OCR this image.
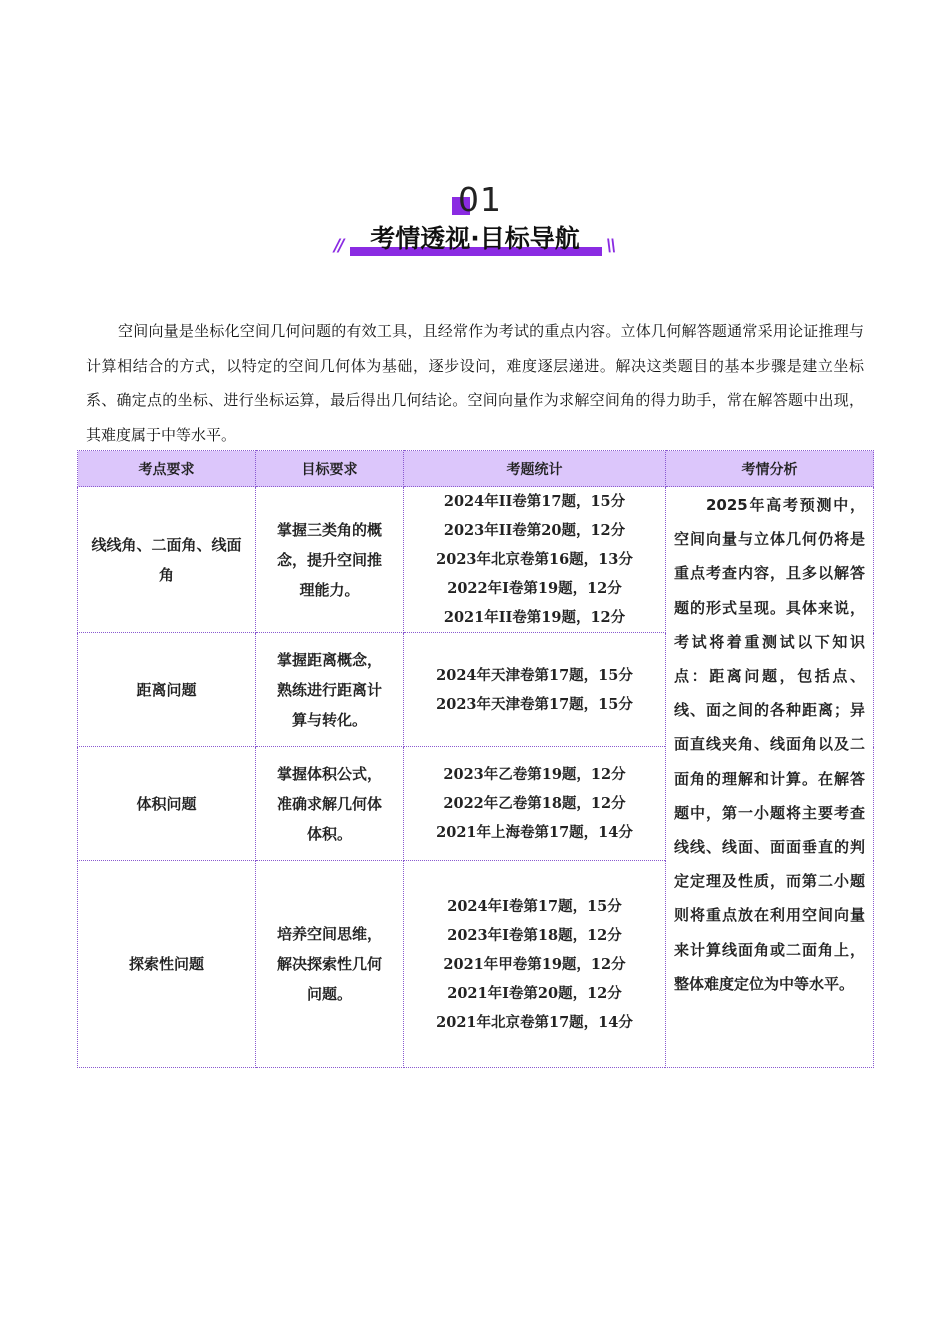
01
//	考情透视·目标导航	\\

空间向量是坐标化空间几何问题的有效工具，且经常作为考试的重点内容。立体几何解答题通常采用论证推理与计算相结合的方式，以特定的空间几何体为基础，逐步设问，难度逐层递进。解决这类题目的基本步骤是建立坐标系、确定点的坐标、进行坐标运算，最后得出几何结论。空间向量作为求解空间角的得力助手，常在解答题中出现，其难度属于中等水平。

考点要求	目标要求	考题统计	考情分析
线线角、二面角、线面角	掌握三类角的概念，提升空间推理能力。	2024年II卷第17题，15分
2023年II卷第20题，12分
2023年北京卷第16题，13分
2022年I卷第19题，12分
2021年II卷第19题，12分	2025年高考预测中，空间向量与立体几何仍将是重点考查内容，且多以解答题的形式呈现。具体来说，考试将着重测试以下知识点：距离问题，包括点、线、面之间的各种距离；异面直线夹角、线面角以及二面角的理解和计算。在解答题中，第一小题将主要考查线线、线面、面面垂直的判定定理及性质，而第二小题则将重点放在利用空间向量来计算线面角或二面角上，整体难度定位为中等水平。

距离问题	掌握距离概念，熟练进行距离计算与转化。	2024年天津卷第17题，15分
2023年天津卷第17题，15分	

体积问题	掌握体积公式，准确求解几何体体积。	2023年乙卷第19题，12分
2022年乙卷第18题，12分
2021年上海卷第17题，14分	

探索性问题	培养空间思维，解决探索性几何问题。	2024年I卷第17题，15分
2023年I卷第18题，12分
2021年甲卷第19题，12分
2021年I卷第20题，12分
2021年北京卷第17题，14分	
